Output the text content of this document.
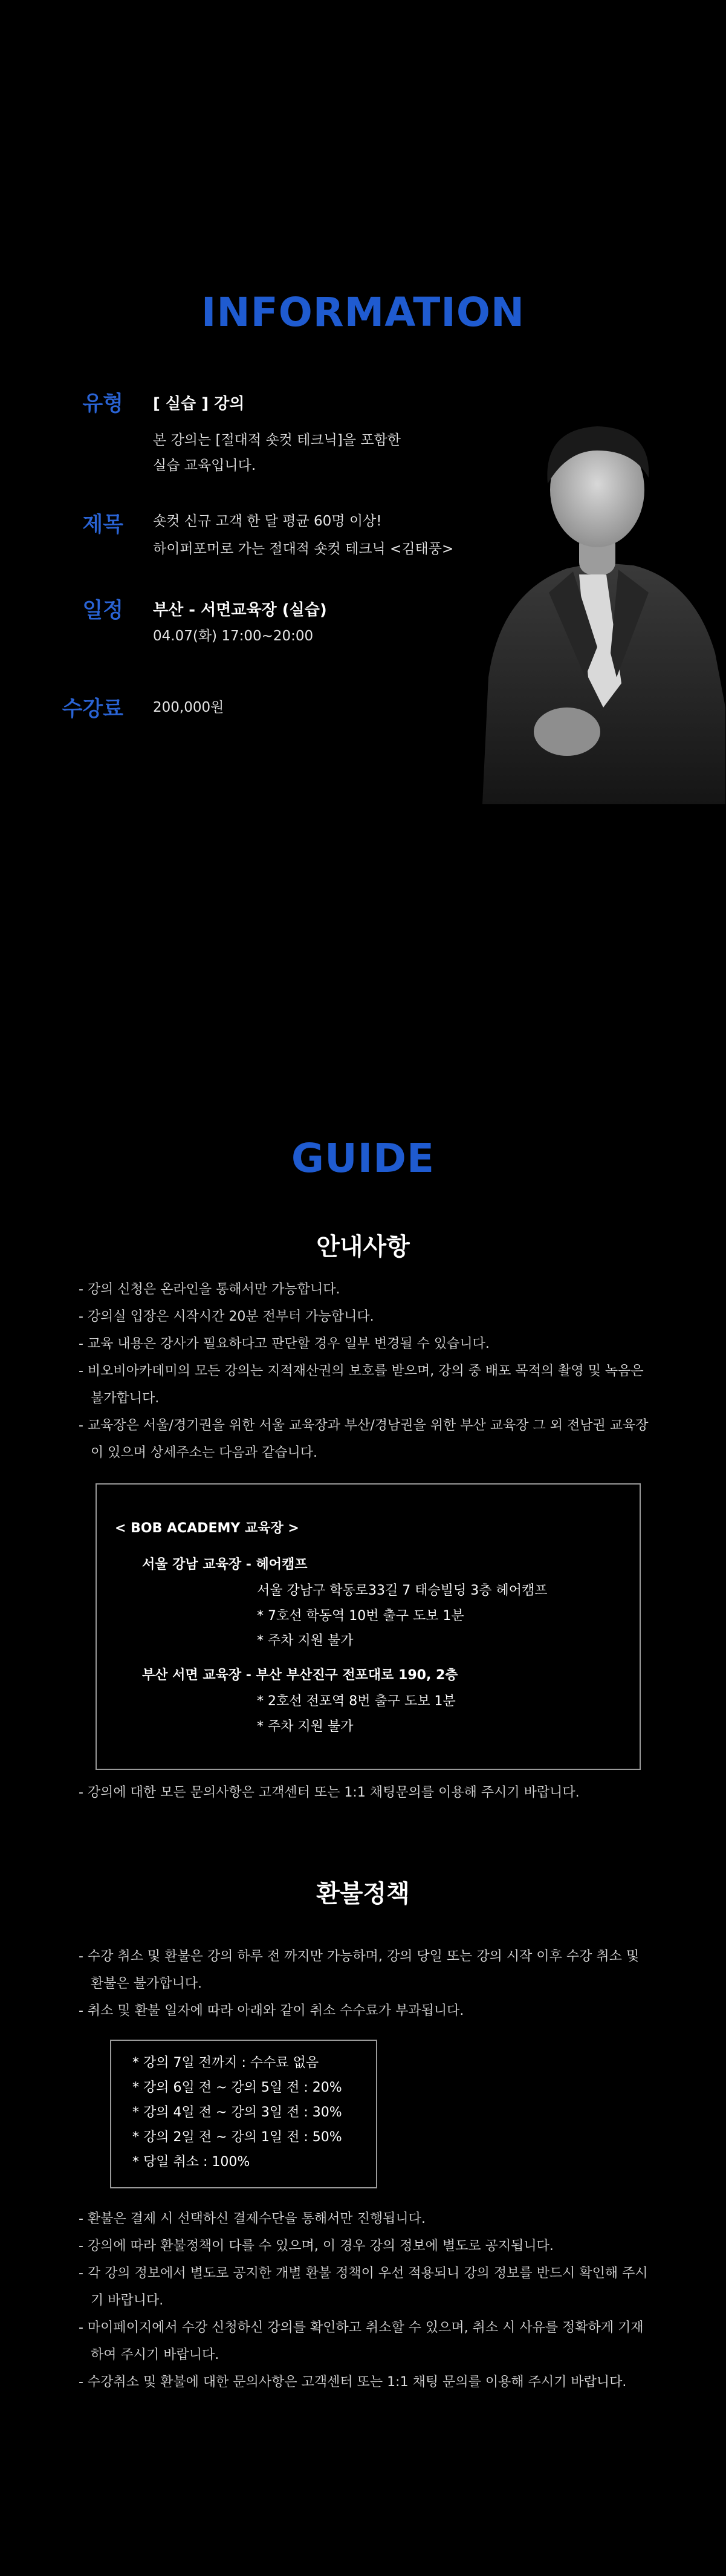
INFORMATION
유형 [ 실습 ] 강의
본 강의는 [절대적 숏컷 테크닉]을 포함한
실습 교육입니다.
제목 숏컷 신규 고객 한 달 평균 60명 이상!
하이퍼포머로 가는 절대적 숏컷 테크닉 <김태풍>
일정 부산 - 서면교육장 (실습)
04.07(화) 17:00~20:00
수강료 200,000원
GUIDE
안내사항
- 강의 신청은 온라인을 통해서만 가능합니다.
- 강의실 입장은 시작시간 20분 전부터 가능합니다.
- 교육 내용은 강사가 필요하다고 판단할 경우 일부 변경될 수 있습니다.
- 비오비아카데미의 모든 강의는 지적재산권의 보호를 받으며, 강의 중 배포 목적의 촬영 및 녹음은 불가합니다.
- 교육장은 서울/경기권을 위한 서울 교육장과 부산/경남권을 위한 부산 교육장 그 외 전남권 교육장이 있으며 상세주소는 다음과 같습니다.
< BOB ACADEMY 교육장 >
서울 강남 교육장 - 헤어캠프
서울 강남구 학동로33길 7 태승빌딩 3층 헤어캠프
* 7호선 학동역 10번 출구 도보 1분
* 주차 지원 불가
부산 서면 교육장 - 부산 부산진구 전포대로 190, 2층
* 2호선 전포역 8번 출구 도보 1분
* 주차 지원 불가
- 강의에 대한 모든 문의사항은 고객센터 또는 1:1 채팅문의를 이용해 주시기 바랍니다.
환불정책
- 수강 취소 및 환불은 강의 하루 전 까지만 가능하며, 강의 당일 또는 강의 시작 이후 수강 취소 및 환불은 불가합니다.
- 취소 및 환불 일자에 따라 아래와 같이 취소 수수료가 부과됩니다.
* 강의 7일 전까지 : 수수료 없음
* 강의 6일 전 ~ 강의 5일 전 : 20%
* 강의 4일 전 ~ 강의 3일 전 : 30%
* 강의 2일 전 ~ 강의 1일 전 : 50%
* 당일 취소 : 100%
- 환불은 결제 시 선택하신 결제수단을 통해서만 진행됩니다.
- 강의에 따라 환불정책이 다를 수 있으며, 이 경우 강의 정보에 별도로 공지됩니다.
- 각 강의 정보에서 별도로 공지한 개별 환불 정책이 우선 적용되니 강의 정보를 반드시 확인해 주시기 바랍니다.
- 마이페이지에서 수강 신청하신 강의를 확인하고 취소할 수 있으며, 취소 시 사유를 정확하게 기재하여 주시기 바랍니다.
- 수강취소 및 환불에 대한 문의사항은 고객센터 또는 1:1 채팅 문의를 이용해 주시기 바랍니다.
